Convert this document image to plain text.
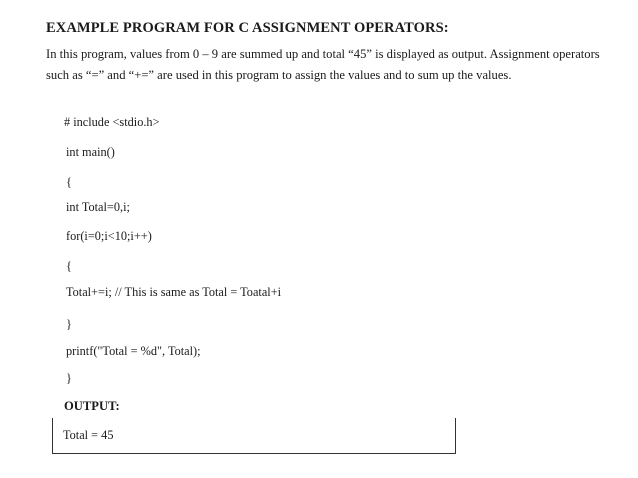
EXAMPLE PROGRAM FOR C ASSIGNMENT OPERATORS:
In this program, values from 0 – 9 are summed up and total “45” is displayed as output. Assignment operators such as “=” and “+=” are used in this program to assign the values and to sum up the values.
# include <stdio.h>
int main()
{
int Total=0,i;
for(i=0;i<10;i++)
{
Total+=i; // This is same as Total = Toatal+i
}
printf("Total = %d", Total);
}
OUTPUT:
Total = 45
